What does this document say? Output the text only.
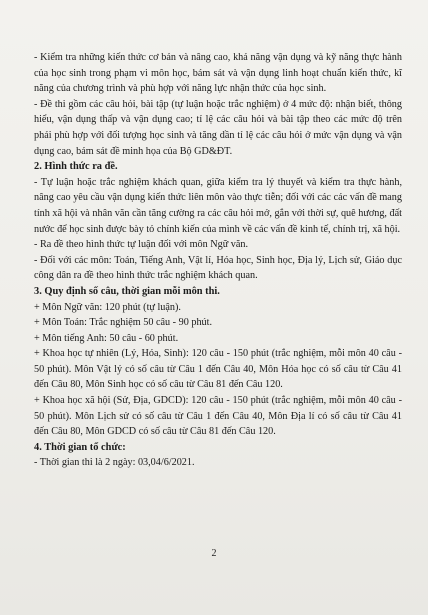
- Kiểm tra những kiến thức cơ bản và nâng cao, khả năng vận dụng và kỹ năng thực hành của học sinh trong phạm vi môn học, bám sát và vận dụng linh hoạt chuẩn kiến thức, kĩ năng của chương trình và phù hợp với năng lực nhận thức của học sinh.

- Đề thi gồm các câu hỏi, bài tập (tự luận hoặc trắc nghiệm) ở 4 mức độ: nhận biết, thông hiểu, vận dụng thấp và vận dụng cao; tỉ lệ các câu hỏi và bài tập theo các mức độ trên phải phù hợp với đối tượng học sinh và tăng dần tỉ lệ các câu hỏi ở mức vận dụng và vận dụng cao, bám sát đề minh họa của Bộ GD&ĐT.

2. Hình thức ra đề.

- Tự luận hoặc trắc nghiệm khách quan, giữa kiểm tra lý thuyết và kiểm tra thực hành, nâng cao yêu cầu vận dụng kiến thức liên môn vào thực tiễn; đối với các các vấn đề mang tính xã hội và nhân văn cần tăng cường ra các câu hỏi mở, gắn với thời sự, quê hương, đất nước để học sinh được bày tỏ chính kiến của mình về các vấn đề kinh tế, chính trị, xã hội.

- Ra đề theo hình thức tự luận đối với môn Ngữ văn.

- Đối với các môn: Toán, Tiếng Anh, Vật lí, Hóa học, Sinh học, Địa lý, Lịch sử, Giáo dục công dân ra đề theo hình thức trắc nghiệm khách quan.

3. Quy định số câu, thời gian mỗi môn thi.

+ Môn Ngữ văn: 120 phút (tự luận).

+ Môn Toán: Trắc nghiệm 50 câu - 90 phút.

+ Môn tiếng Anh: 50 câu - 60 phút.

+ Khoa học tự nhiên (Lý, Hóa, Sinh): 120 câu - 150 phút (trắc nghiệm, mỗi môn 40 câu - 50 phút). Môn Vật lý có số câu từ Câu 1 đến Câu 40, Môn Hóa học có số câu từ Câu 41 đến Câu 80, Môn Sinh học có số câu từ Câu 81 đến Câu 120.

+ Khoa học xã hội (Sử, Địa, GDCD): 120 câu - 150 phút (trắc nghiệm, mỗi môn 40 câu - 50 phút). Môn Lịch sử có số câu từ Câu 1 đến Câu 40, Môn Địa lí có số câu từ Câu 41 đến Câu 80, Môn GDCD có số câu từ Câu 81 đến Câu 120.

4. Thời gian tổ chức:

- Thời gian thi là 2 ngày: 03,04/6/2021.

2
